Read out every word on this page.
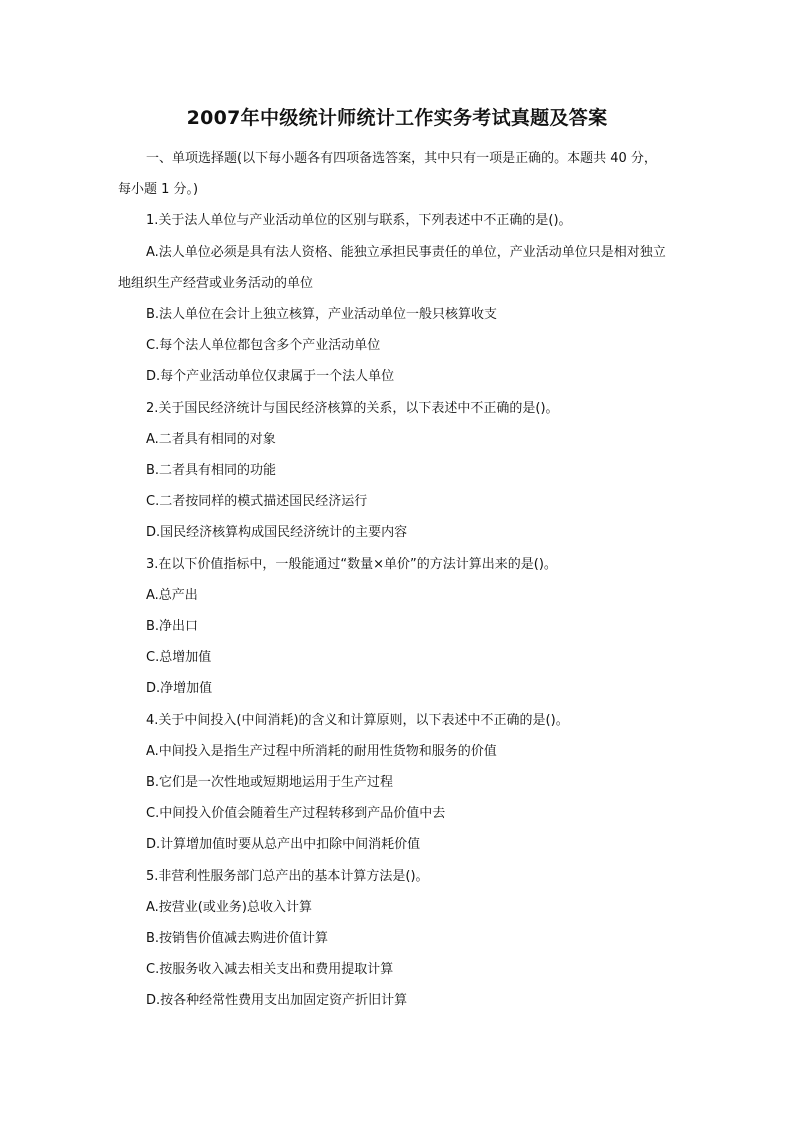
2007年中级统计师统计工作实务考试真题及答案

一、单项选择题(以下每小题各有四项备选答案，其中只有一项是正确的。本题共 40 分，每小题 1 分。)

1.关于法人单位与产业活动单位的区别与联系，下列表述中不正确的是()。

A.法人单位必须是具有法人资格、能独立承担民事责任的单位，产业活动单位只是相对独立地组织生产经营或业务活动的单位

B.法人单位在会计上独立核算，产业活动单位一般只核算收支

C.每个法人单位都包含多个产业活动单位

D.每个产业活动单位仅隶属于一个法人单位

2.关于国民经济统计与国民经济核算的关系，以下表述中不正确的是()。

A.二者具有相同的对象

B.二者具有相同的功能

C.二者按同样的模式描述国民经济运行

D.国民经济核算构成国民经济统计的主要内容

3.在以下价值指标中，一般能通过“数量×单价”的方法计算出来的是()。

A.总产出

B.净出口

C.总增加值

D.净增加值

4.关于中间投入(中间消耗)的含义和计算原则，以下表述中不正确的是()。

A.中间投入是指生产过程中所消耗的耐用性货物和服务的价值

B.它们是一次性地或短期地运用于生产过程

C.中间投入价值会随着生产过程转移到产品价值中去

D.计算增加值时要从总产出中扣除中间消耗价值

5.非营利性服务部门总产出的基本计算方法是()。

A.按营业(或业务)总收入计算

B.按销售价值减去购进价值计算

C.按服务收入减去相关支出和费用提取计算

D.按各种经常性费用支出加固定资产折旧计算
